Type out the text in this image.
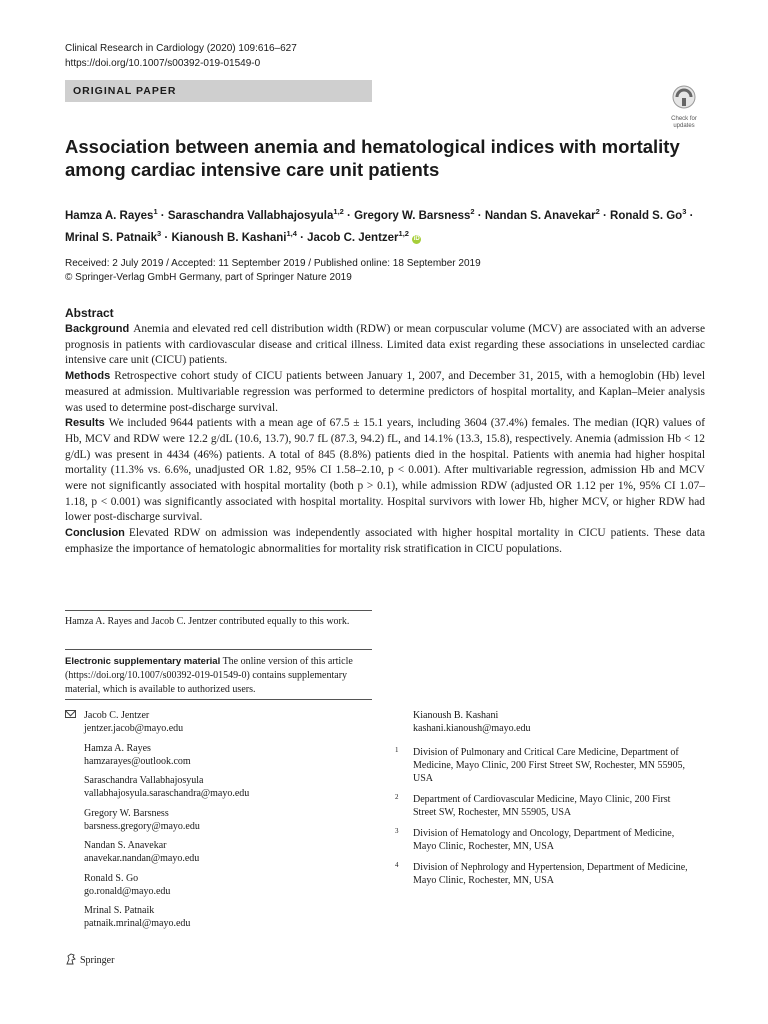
Clinical Research in Cardiology (2020) 109:616–627
https://doi.org/10.1007/s00392-019-01549-0
ORIGINAL PAPER
Check for
updates
Association between anemia and hematological indices with mortality
among cardiac intensive care unit patients
Hamza A. Rayes$^1$ · Saraschandra Vallabhajosyula$^{1,2}$ · Gregory W. Barsness$^2$ · Nandan S. Anavekar$^2$ · Ronald S. $Go^3$ ·
Mrinal S. Patnaik$^3$ · Kianoush B. Kashani$^{1,4}$ · Jacob C. Jentzer$^{1,2}$ iD
Received: 2 July 2019 / Accepted: 11 September 2019 / Published online: 18 September 2019
© Springer-Verlag GmbH Germany, part of Springer Nature 2019
Abstract

Background Anemia and elevated red cell distribution width (RDW) or mean corpuscular volume (MCV) are associated with an adverse prognosis in patients with cardiovascular disease and critical illness. Limited data exist regarding these associations in unselected cardiac intensive care unit (CICU) patients.

Methods Retrospective cohort study of CICU patients between January 1, 2007, and December 31, 2015, with a hemoglobin (Hb) level measured at admission. Multivariable regression was performed to determine predictors of hospital mortality, and Kaplan–Meier analysis was used to determine post-discharge survival.

Results We included 9644 patients with a mean age of 67.5 ± 15.1 years, including 3604 (37.4%) females. The median (IQR) values of Hb, MCV and RDW were 12.2 g/dL (10.6, 13.7), 90.7 fL (87.3, 94.2) fL, and 14.1% (13.3, 15.8), respectively. Anemia (admission Hb < 12 g/dL) was present in 4434 (46%) patients. A total of 845 (8.8%) patients died in the hospital. Patients with anemia had higher hospital mortality (11.3% vs. 6.6%, unadjusted OR 1.82, 95% CI 1.58–2.10, p < 0.001). After multivariable regression, admission Hb and MCV were not significantly associated with hospital mortality (both p > 0.1), while admission RDW (adjusted OR 1.12 per 1%, 95% CI 1.07–1.18, p < 0.001) was significantly associated with hospital mortality. Hospital survivors with lower Hb, higher MCV, or higher RDW had lower post-discharge survival.

Conclusion Elevated RDW on admission was independently associated with higher hospital mortality in CICU patients. These data emphasize the importance of hematologic abnormalities for mortality risk stratification in CICU populations.

Hamza A. Rayes and Jacob C. Jentzer contributed equally to this work.
Electronic supplementary material The online version of this article (https://doi.org/10.1007/s00392-019-01549-0) contains supplementary material, which is available to authorized users.
Jacob C. Jentzer
jentzer.jacob@mayo.edu
Hamza A. Rayes
hamzarayes@outlook.com
Saraschandra Vallabhajosyula
vallabhajosyula.saraschandra@mayo.edu
Gregory W. Barsness
barsness.gregory@mayo.edu
Nandan S. Anavekar
anavekar.nandan@mayo.edu
Ronald S. Go
go.ronald@mayo.edu
Mrinal S. Patnaik
patnaik.mrinal@mayo.edu
Kianoush B. Kashani
kashani.kianoush@mayo.edu
1 Division of Pulmonary and Critical Care Medicine, Department of Medicine, Mayo Clinic, 200 First Street SW, Rochester, MN 55905, USA
2 Department of Cardiovascular Medicine, Mayo Clinic, 200 First Street SW, Rochester, MN 55905, USA
3 Division of Hematology and Oncology, Department of Medicine, Mayo Clinic, Rochester, MN, USA
4 Division of Nephrology and Hypertension, Department of Medicine, Mayo Clinic, Rochester, MN, USA
Springer
